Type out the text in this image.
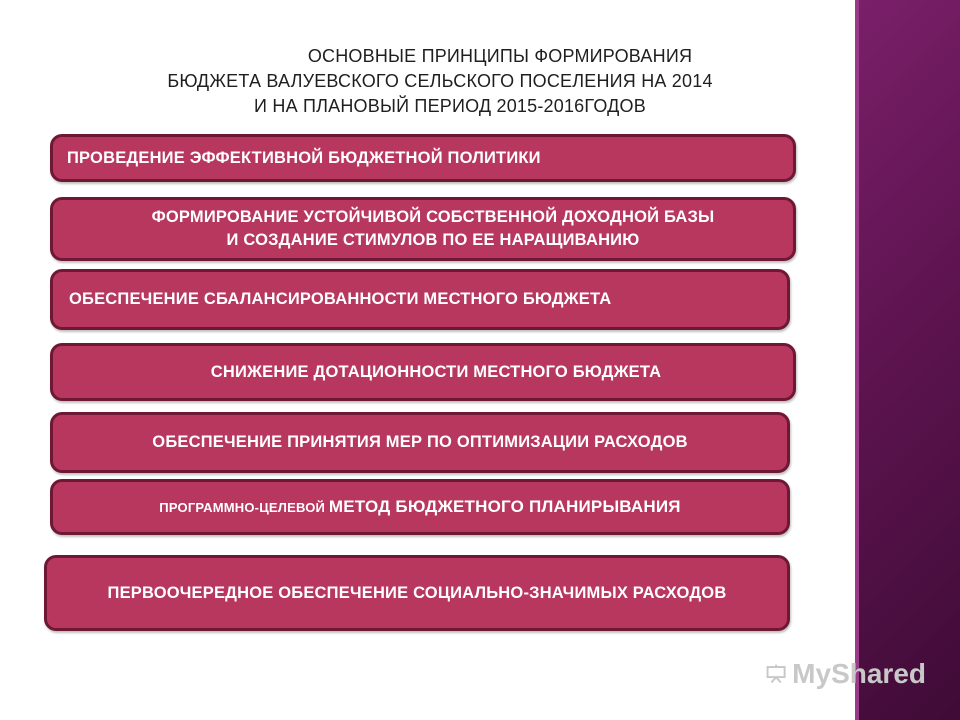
ОСНОВНЫЕ ПРИНЦИПЫ ФОРМИРОВАНИЯ
БЮДЖЕТА ВАЛУЕВСКОГО СЕЛЬСКОГО ПОСЕЛЕНИЯ НА 2014
И НА ПЛАНОВЫЙ ПЕРИОД 2015-2016ГОДОВ
ПРОВЕДЕНИЕ ЭФФЕКТИВНОЙ БЮДЖЕТНОЙ ПОЛИТИКИ
ФОРМИРОВАНИЕ УСТОЙЧИВОЙ СОБСТВЕННОЙ ДОХОДНОЙ БАЗЫ
И СОЗДАНИЕ СТИМУЛОВ ПО ЕЕ НАРАЩИВАНИЮ
ОБЕСПЕЧЕНИЕ СБАЛАНСИРОВАННОСТИ МЕСТНОГО БЮДЖЕТА
СНИЖЕНИЕ ДОТАЦИОННОСТИ МЕСТНОГО БЮДЖЕТА
ОБЕСПЕЧЕНИЕ ПРИНЯТИЯ МЕР ПО ОПТИМИЗАЦИИ РАСХОДОВ
ПРОГРАММНО-ЦЕЛЕВОЙ МЕТОД БЮДЖЕТНОГО ПЛАНИРЫВАНИЯ
ПЕРВООЧЕРЕДНОЕ ОБЕСПЕЧЕНИЕ СОЦИАЛЬНО-ЗНАЧИМЫХ РАСХОДОВ
MyShared
